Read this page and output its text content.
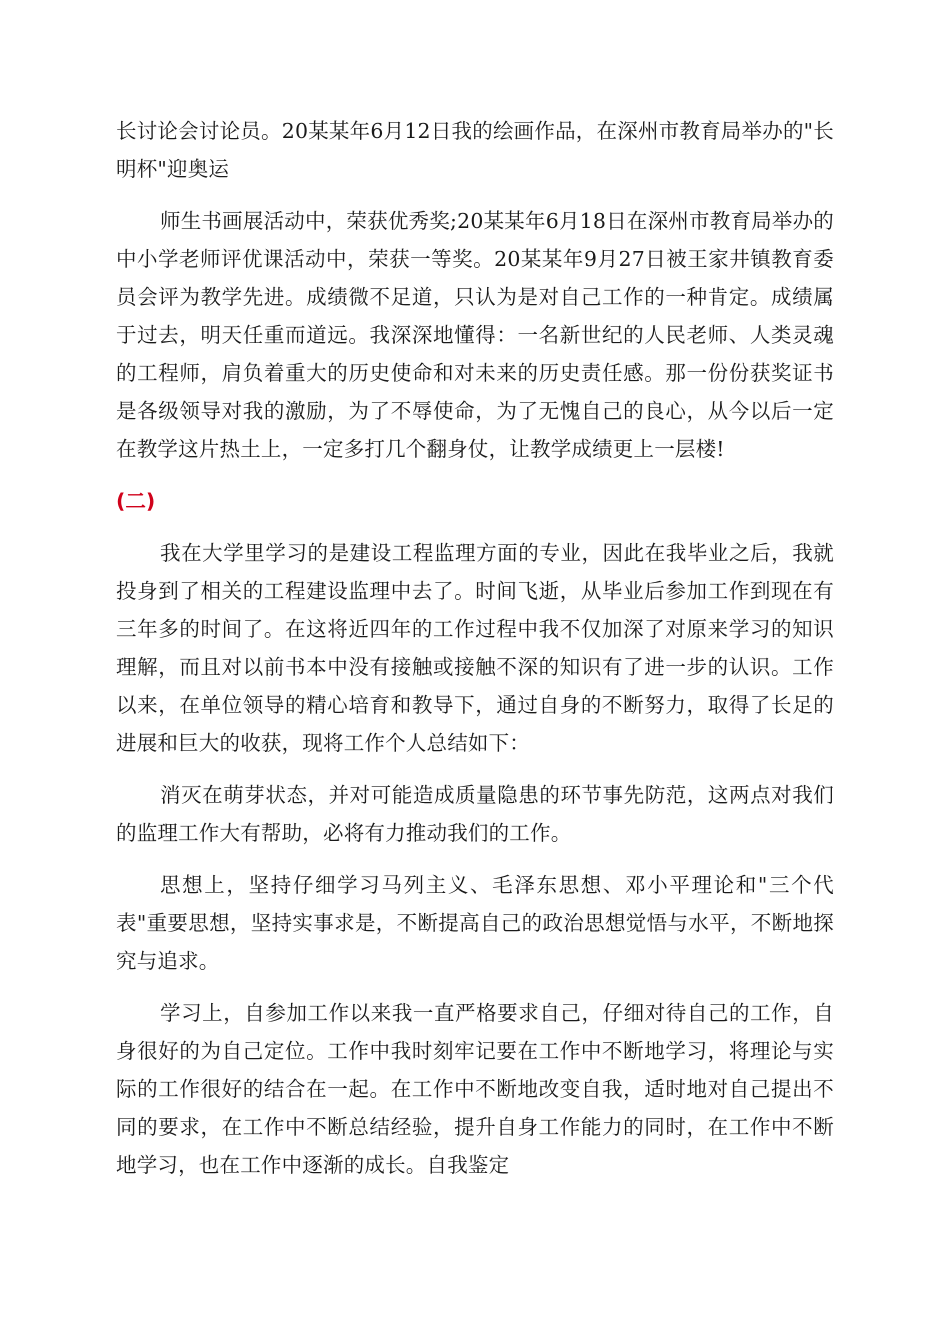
长讨论会讨论员。20某某年6月12日我的绘画作品，在深州市教育局举办的"长明杯"迎奥运

师生书画展活动中，荣获优秀奖;20某某年6月18日在深州市教育局举办的中小学老师评优课活动中，荣获一等奖。20某某年9月27日被王家井镇教育委员会评为教学先进。成绩微不足道，只认为是对自己工作的一种肯定。成绩属于过去，明天任重而道远。我深深地懂得：一名新世纪的人民老师、人类灵魂的工程师，肩负着重大的历史使命和对未来的历史责任感。那一份份获奖证书是各级领导对我的激励，为了不辱使命，为了无愧自己的良心，从今以后一定在教学这片热土上，一定多打几个翻身仗，让教学成绩更上一层楼!

(二)

我在大学里学习的是建设工程监理方面的专业，因此在我毕业之后，我就投身到了相关的工程建设监理中去了。时间飞逝，从毕业后参加工作到现在有三年多的时间了。在这将近四年的工作过程中我不仅加深了对原来学习的知识理解，而且对以前书本中没有接触或接触不深的知识有了进一步的认识。工作以来，在单位领导的精心培育和教导下，通过自身的不断努力，取得了长足的进展和巨大的收获，现将工作个人总结如下：

消灭在萌芽状态，并对可能造成质量隐患的环节事先防范，这两点对我们的监理工作大有帮助，必将有力推动我们的工作。

思想上，坚持仔细学习马列主义、毛泽东思想、邓小平理论和"三个代表"重要思想，坚持实事求是，不断提高自己的政治思想觉悟与水平，不断地探究与追求。

学习上，自参加工作以来我一直严格要求自己，仔细对待自己的工作，自身很好的为自己定位。工作中我时刻牢记要在工作中不断地学习，将理论与实际的工作很好的结合在一起。在工作中不断地改变自我，适时地对自己提出不同的要求，在工作中不断总结经验，提升自身工作能力的同时，在工作中不断地学习，也在工作中逐渐的成长。自我鉴定
